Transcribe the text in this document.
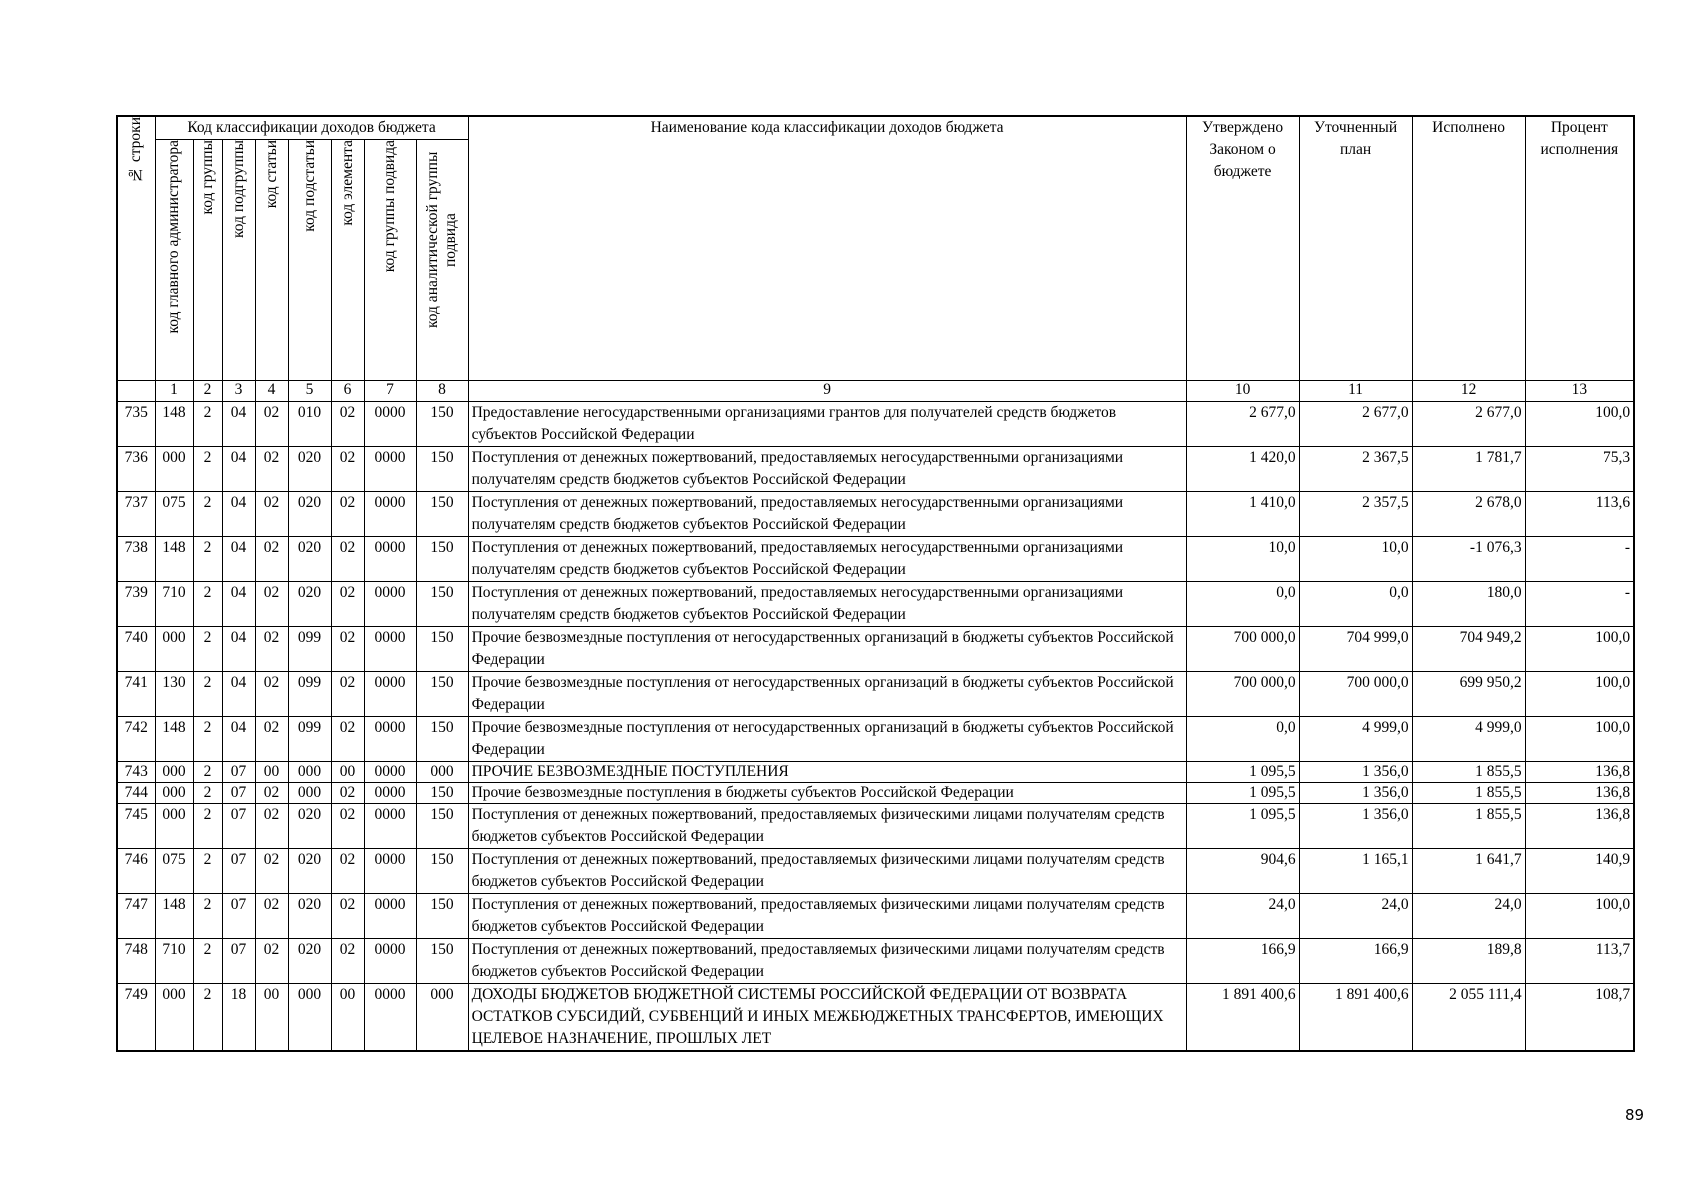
№ строки	Код классификации доходов бюджета								Наименование кода классификации доходов бюджета	Утверждено Законом о бюджете	Уточненный план	Исполнено	Процент исполнения
	код главного администратора	код группы	код подгруппы	код статьи	код подстатьи	код элемента	код группы подвида	код аналитической группы подвида					
	1	2	3	4	5	6	7	8	9	10	11	12	13
735	148	2	04	02	010	02	0000	150	Предоставление негосударственными организациями грантов для получателей средств бюджетов субъектов Российской Федерации	2 677,0	2 677,0	2 677,0	100,0
736	000	2	04	02	020	02	0000	150	Поступления от денежных пожертвований, предоставляемых негосударственными организациями получателям средств бюджетов субъектов Российской Федерации	1 420,0	2 367,5	1 781,7	75,3
737	075	2	04	02	020	02	0000	150	Поступления от денежных пожертвований, предоставляемых негосударственными организациями получателям средств бюджетов субъектов Российской Федерации	1 410,0	2 357,5	2 678,0	113,6
738	148	2	04	02	020	02	0000	150	Поступления от денежных пожертвований, предоставляемых негосударственными организациями получателям средств бюджетов субъектов Российской Федерации	10,0	10,0	-1 076,3	-
739	710	2	04	02	020	02	0000	150	Поступления от денежных пожертвований, предоставляемых негосударственными организациями получателям средств бюджетов субъектов Российской Федерации	0,0	0,0	180,0	-
740	000	2	04	02	099	02	0000	150	Прочие безвозмездные поступления от негосударственных организаций в бюджеты субъектов Российской Федерации	700 000,0	704 999,0	704 949,2	100,0
741	130	2	04	02	099	02	0000	150	Прочие безвозмездные поступления от негосударственных организаций в бюджеты субъектов Российской Федерации	700 000,0	700 000,0	699 950,2	100,0
742	148	2	04	02	099	02	0000	150	Прочие безвозмездные поступления от негосударственных организаций в бюджеты субъектов Российской Федерации	0,0	4 999,0	4 999,0	100,0
743	000	2	07	00	000	00	0000	000	ПРОЧИЕ БЕЗВОЗМЕЗДНЫЕ ПОСТУПЛЕНИЯ	1 095,5	1 356,0	1 855,5	136,8
744	000	2	07	02	000	02	0000	150	Прочие безвозмездные поступления в бюджеты субъектов Российской Федерации	1 095,5	1 356,0	1 855,5	136,8
745	000	2	07	02	020	02	0000	150	Поступления от денежных пожертвований, предоставляемых физическими лицами получателям средств бюджетов субъектов Российской Федерации	1 095,5	1 356,0	1 855,5	136,8
746	075	2	07	02	020	02	0000	150	Поступления от денежных пожертвований, предоставляемых физическими лицами получателям средств бюджетов субъектов Российской Федерации	904,6	1 165,1	1 641,7	140,9
747	148	2	07	02	020	02	0000	150	Поступления от денежных пожертвований, предоставляемых физическими лицами получателям средств бюджетов субъектов Российской Федерации	24,0	24,0	24,0	100,0
748	710	2	07	02	020	02	0000	150	Поступления от денежных пожертвований, предоставляемых физическими лицами получателям средств бюджетов субъектов Российской Федерации	166,9	166,9	189,8	113,7
749	000	2	18	00	000	00	0000	000	ДОХОДЫ БЮДЖЕТОВ БЮДЖЕТНОЙ СИСТЕМЫ РОССИЙСКОЙ ФЕДЕРАЦИИ ОТ ВОЗВРАТА ОСТАТКОВ СУБСИДИЙ, СУБВЕНЦИЙ И ИНЫХ МЕЖБЮДЖЕТНЫХ ТРАНСФЕРТОВ, ИМЕЮЩИХ ЦЕЛЕВОЕ НАЗНАЧЕНИЕ, ПРОШЛЫХ ЛЕТ	1 891 400,6	1 891 400,6	2 055 111,4	108,7
89
